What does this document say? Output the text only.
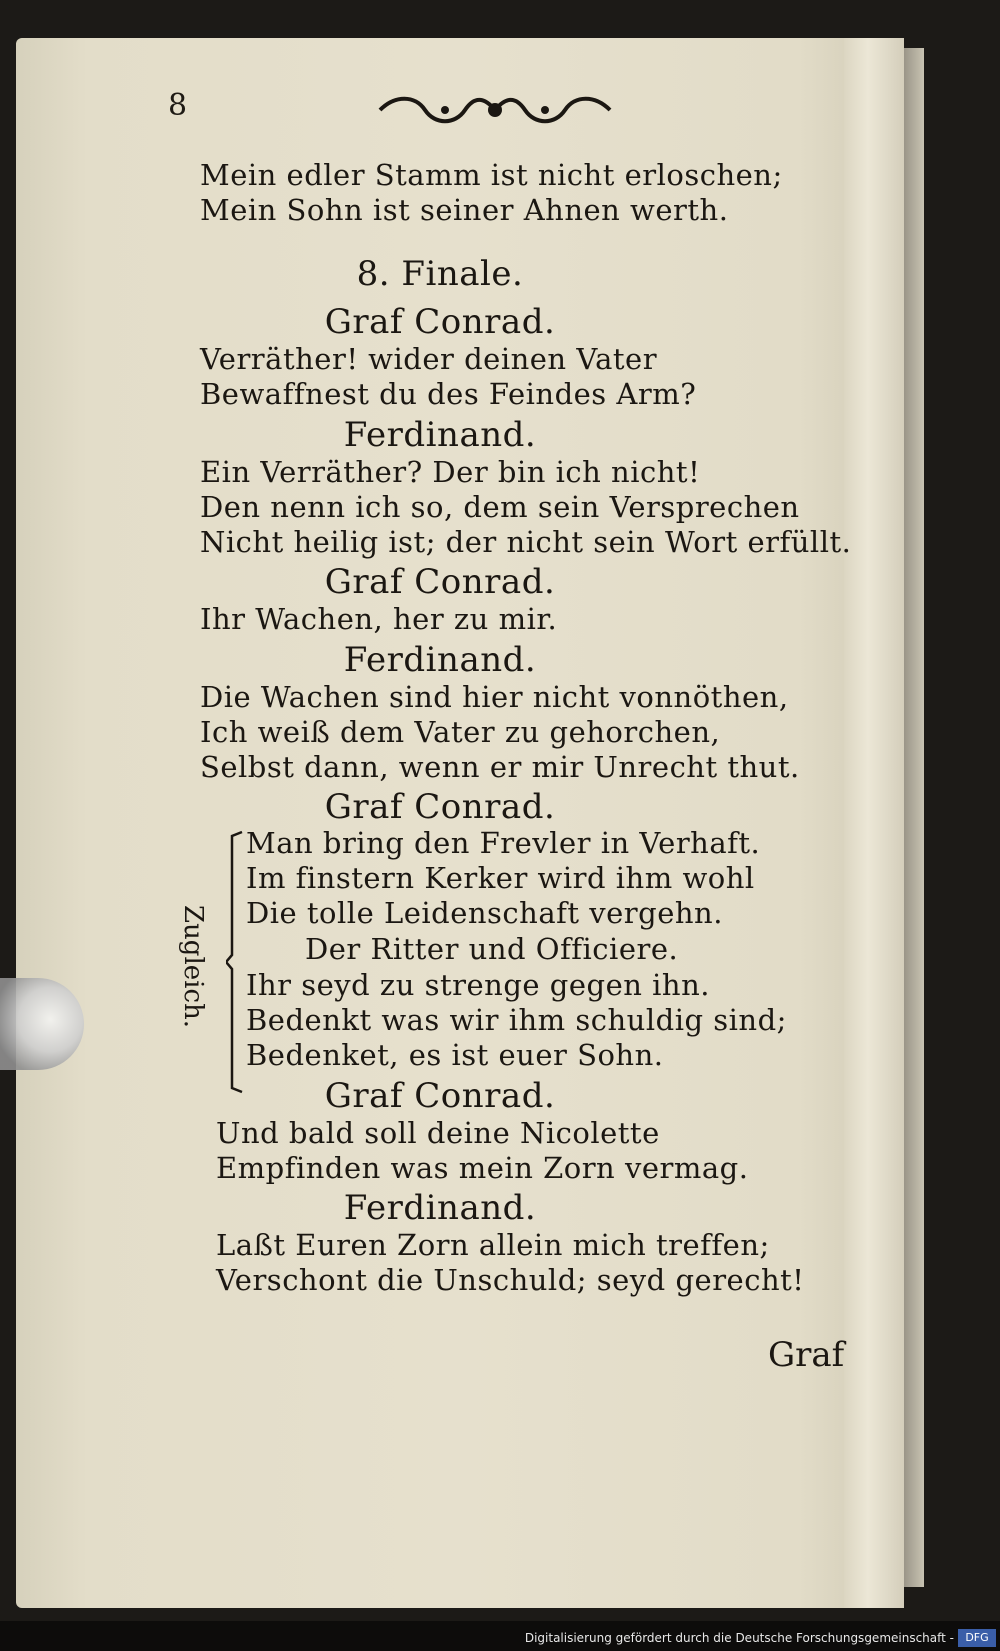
8
Mein edler Stamm ist nicht erloschen;
Mein Sohn ist seiner Ahnen werth.
8. Finale.
Graf Conrad.
Verräther! wider deinen Vater
Bewaffnest du des Feindes Arm?
Ferdinand.
Ein Verräther? Der bin ich nicht!
Den nenn ich so, dem sein Versprechen
Nicht heilig ist; der nicht sein Wort erfüllt.
Graf Conrad.
Ihr Wachen, her zu mir.
Ferdinand.
Die Wachen sind hier nicht vonnöthen,
Ich weiß dem Vater zu gehorchen,
Selbst dann, wenn er mir Unrecht thut.
Graf Conrad.
Zugleich.
Man bring den Frevler in Verhaft.
Im finstern Kerker wird ihm wohl
Die tolle Leidenschaft vergehn.
Der Ritter und Officiere.
Ihr seyd zu strenge gegen ihn.
Bedenkt was wir ihm schuldig sind;
Bedenket, es ist euer Sohn.
Graf Conrad.
Und bald soll deine Nicolette
Empfinden was mein Zorn vermag.
Ferdinand.
Laßt Euren Zorn allein mich treffen;
Verschont die Unschuld; seyd gerecht!
Graf
Digitalisierung gefördert durch die Deutsche Forschungsgemeinschaft -	DFG
